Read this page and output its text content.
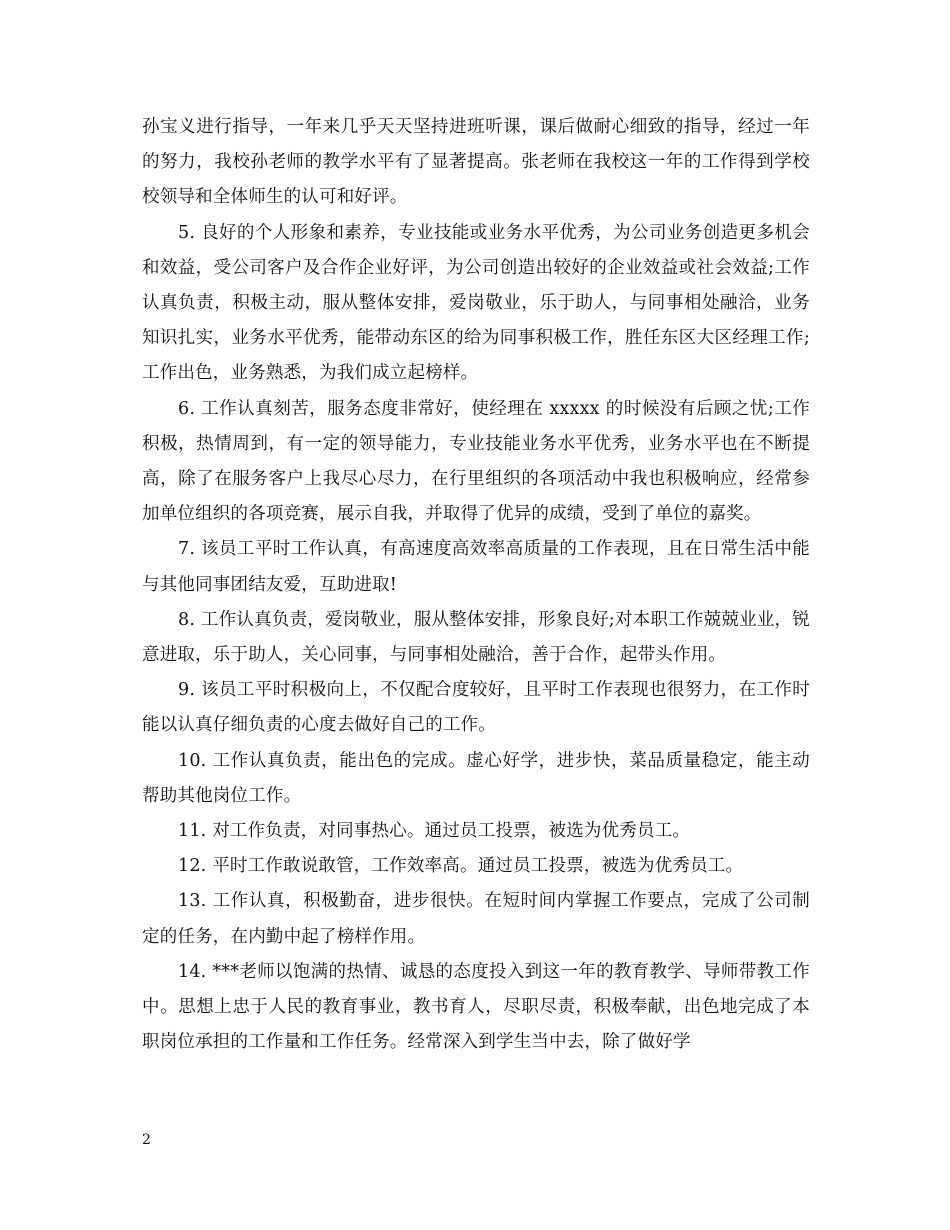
孙宝义进行指导，一年来几乎天天坚持进班听课，课后做耐心细致的指导，经过一年的努力，我校孙老师的教学水平有了显著提高。张老师在我校这一年的工作得到学校校领导和全体师生的认可和好评。

5. 良好的个人形象和素养，专业技能或业务水平优秀，为公司业务创造更多机会和效益，受公司客户及合作企业好评，为公司创造出较好的企业效益或社会效益;工作认真负责，积极主动，服从整体安排，爱岗敬业，乐于助人，与同事相处融洽，业务知识扎实，业务水平优秀，能带动东区的给为同事积极工作，胜任东区大区经理工作;工作出色，业务熟悉，为我们成立起榜样。

6. 工作认真刻苦，服务态度非常好，使经理在 xxxxx 的时候没有后顾之忧;工作积极，热情周到，有一定的领导能力，专业技能业务水平优秀，业务水平也在不断提高，除了在服务客户上我尽心尽力，在行里组织的各项活动中我也积极响应，经常参加单位组织的各项竞赛，展示自我，并取得了优异的成绩，受到了单位的嘉奖。

7. 该员工平时工作认真，有高速度高效率高质量的工作表现，且在日常生活中能与其他同事团结友爱，互助进取!

8. 工作认真负责，爱岗敬业，服从整体安排，形象良好;对本职工作兢兢业业，锐意进取，乐于助人，关心同事，与同事相处融洽，善于合作，起带头作用。

9. 该员工平时积极向上，不仅配合度较好，且平时工作表现也很努力，在工作时能以认真仔细负责的心度去做好自己的工作。

10. 工作认真负责，能出色的完成。虚心好学，进步快，菜品质量稳定，能主动帮助其他岗位工作。

11. 对工作负责，对同事热心。通过员工投票，被选为优秀员工。

12. 平时工作敢说敢管，工作效率高。通过员工投票，被选为优秀员工。

13. 工作认真，积极勤奋，进步很快。在短时间内掌握工作要点，完成了公司制定的任务，在内勤中起了榜样作用。

14. ***老师以饱满的热情、诚恳的态度投入到这一年的教育教学、导师带教工作中。思想上忠于人民的教育事业，教书育人，尽职尽责，积极奉献，出色地完成了本职岗位承担的工作量和工作任务。经常深入到学生当中去，除了做好学

2
